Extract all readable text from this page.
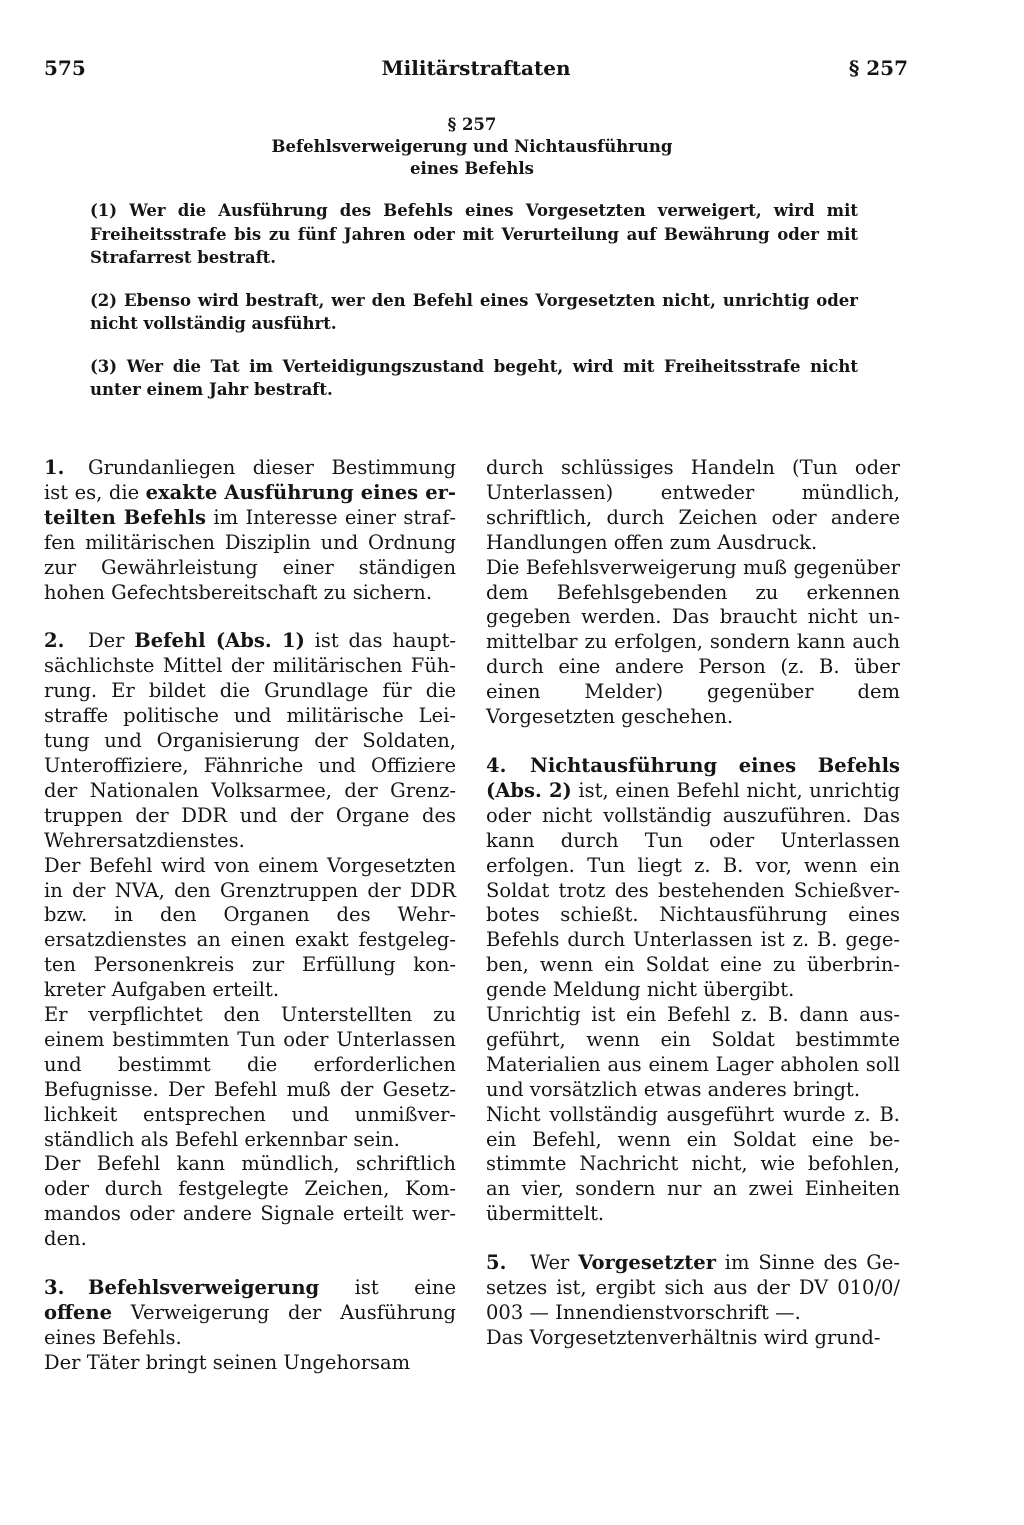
575	Militärstraftaten	§ 257
§ 257
Befehlsverweigerung und Nichtausführung
eines Befehls

(1) Wer die Ausführung des Befehls eines Vorgesetzten verweigert, wird mit Freiheitsstrafe bis zu fünf Jahren oder mit Verurteilung auf Bewährung oder mit Strafarrest bestraft.

(2) Ebenso wird bestraft, wer den Befehl eines Vorgesetzten nicht, unrichtig oder nicht vollständig ausführt.

(3) Wer die Tat im Verteidigungszustand begeht, wird mit Freiheitsstrafe nicht unter einem Jahr bestraft.

1. Grundanliegen dieser Bestimmung ist es, die exakte Ausführung eines erteilten Befehls im Interesse einer straffen militärischen Disziplin und Ordnung zur Gewährleistung einer ständigen hohen Gefechtsbereitschaft zu sichern.

2. Der Befehl (Abs. 1) ist das hauptsächlichste Mittel der militärischen Führung. Er bildet die Grundlage für die straffe politische und militärische Leitung und Organisierung der Soldaten, Unteroffiziere, Fähnriche und Offiziere der Nationalen Volksarmee, der Grenztruppen der DDR und der Organe des Wehrersatzdienstes.

Der Befehl wird von einem Vorgesetzten in der NVA, den Grenztruppen der DDR bzw. in den Organen des Wehrersatzdienstes an einen exakt festgelegten Personenkreis zur Erfüllung konkreter Aufgaben erteilt.

Er verpflichtet den Unterstellten zu einem bestimmten Tun oder Unterlassen und bestimmt die erforderlichen Befugnisse. Der Befehl muß der Gesetzlichkeit entsprechen und unmißverständlich als Befehl erkennbar sein.

Der Befehl kann mündlich, schriftlich oder durch festgelegte Zeichen, Kommandos oder andere Signale erteilt werden.

3. Befehlsverweigerung ist eine offene Verweigerung der Ausführung eines Befehls.

Der Täter bringt seinen Ungehorsam

durch schlüssiges Handeln (Tun oder Unterlassen) entweder mündlich, schriftlich, durch Zeichen oder andere Handlungen offen zum Ausdruck.

Die Befehlsverweigerung muß gegenüber dem Befehlsgebenden zu erkennen gegeben werden. Das braucht nicht unmittelbar zu erfolgen, sondern kann auch durch eine andere Person (z. B. über einen Melder) gegenüber dem Vorgesetzten geschehen.

4. Nichtausführung eines Befehls (Abs. 2) ist, einen Befehl nicht, unrichtig oder nicht vollständig auszuführen. Das kann durch Tun oder Unterlassen erfolgen. Tun liegt z. B. vor, wenn ein Soldat trotz des bestehenden Schießverbotes schießt. Nichtausführung eines Befehls durch Unterlassen ist z. B. gegeben, wenn ein Soldat eine zu überbringende Meldung nicht übergibt.

Unrichtig ist ein Befehl z. B. dann ausgeführt, wenn ein Soldat bestimmte Materialien aus einem Lager abholen soll und vorsätzlich etwas anderes bringt.

Nicht vollständig ausgeführt wurde z. B. ein Befehl, wenn ein Soldat eine bestimmte Nachricht nicht, wie befohlen, an vier, sondern nur an zwei Einheiten übermittelt.

5. Wer Vorgesetzter im Sinne des Gesetzes ist, ergibt sich aus der DV 010/0/ 003 — Innendienstvorschrift —.

Das Vorgesetztenverhältnis wird grund-
